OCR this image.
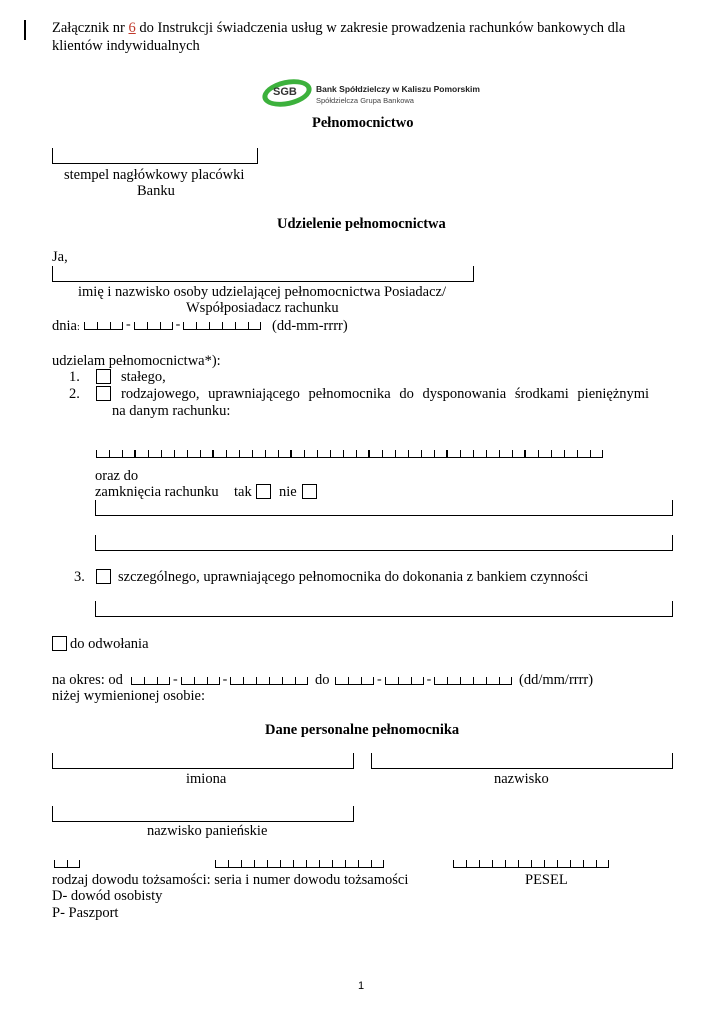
Załącznik nr 6 do Instrukcji świadczenia usług w zakresie prowadzenia rachunków bankowych dla
klientów indywidualnych
SGB Bank Spółdzielczy w Kaliszu Pomorskim
Spółdzielcza Grupa Bankowa
Pełnomocnictwo
stempel nagłówkowy placówki
Banku
Udzielenie pełnomocnictwa
Ja,
imię i nazwisko osoby udzielającej pełnomocnictwa Posiadacz/
Współposiadacz rachunku
dnia:	-	-	(dd-mm-rrrr)
udzielam pełnomocnictwa*):
1.	stałego,
2.	rodzajowego, uprawniającego pełnomocnika do dysponowania środkami pieniężnymi
na danym rachunku:
oraz do
zamknięcia rachunku tak nie
3. szczególnego, uprawniającego pełnomocnika do dokonania z bankiem czynności
do odwołania
na okres: od	-	-	do	-	-	(dd/mm/rrrr)
niżej wymienionej osobie:
Dane personalne pełnomocnika
imiona	nazwisko
nazwisko panieńskie
rodzaj dowodu tożsamości: seria i numer dowodu tożsamości	PESEL
D- dowód osobisty
P- Paszport
1
